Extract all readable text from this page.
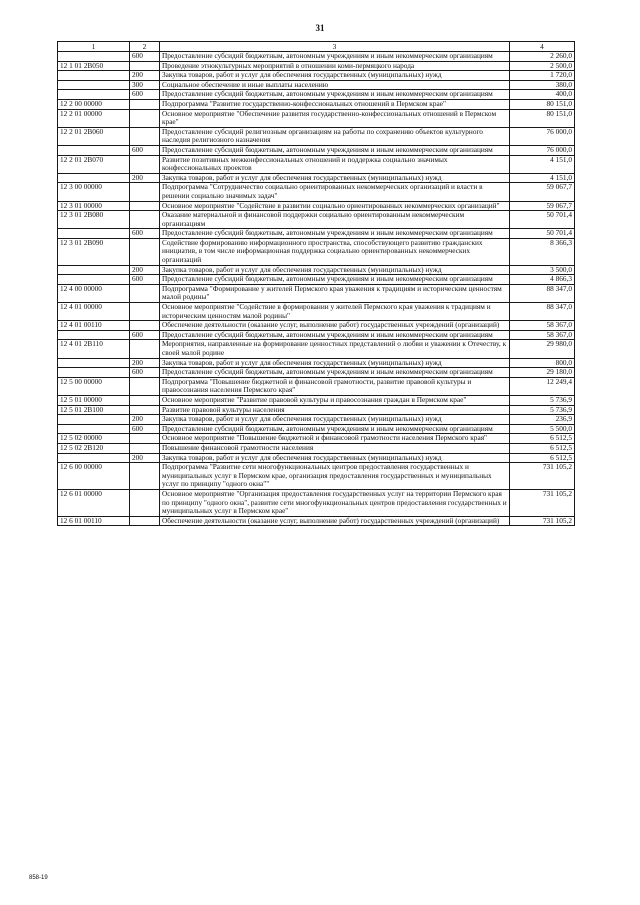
31
1	2	3	4
	600	Предоставление субсидий бюджетным, автономным учреждениям и иным некоммерческим организациям	2 260,0
12 1 01 2В050		Проведение этнокультурных мероприятий в отношении коми-пермяцкого народа	2 500,0
	200	Закупка товаров, работ и услуг для обеспечения государственных (муниципальных) нужд	1 720,0
	300	Социальное обеспечение и иные выплаты населению	380,0
	600	Предоставление субсидий бюджетным, автономным учреждениям и иным некоммерческим организациям	400,0
12 2 00 00000		Подпрограмма "Развитие государственно-конфессиональных отношений в Пермском крае"	80 151,0
12 2 01 00000		Основное мероприятие "Обеспечение развития государственно-конфессиональных отношений в Пермском крае"	80 151,0
12 2 01 2В060		Предоставление субсидий религиозным организациям на работы по сохранению объектов культурного наследия религиозного назначения	76 000,0
	600	Предоставление субсидий бюджетным, автономным учреждениям и иным некоммерческим организациям	76 000,0
12 2 01 2В070		Развитие позитивных межконфессиональных отношений и поддержка социально значимых конфессиональных проектов	4 151,0
	200	Закупка товаров, работ и услуг для обеспечения государственных (муниципальных) нужд	4 151,0
12 3 00 00000		Подпрограмма "Сотрудничество социально ориентированных некоммерческих организаций и власти в решении социально значимых задач"	59 067,7
12 3 01 00000		Основное мероприятие "Содействие в развитии социально ориентированных некоммерческих организаций"	59 067,7
12 3 01 2В080		Оказание материальной и финансовой поддержки социально ориентированным некоммерческим организациям	50 701,4
	600	Предоставление субсидий бюджетным, автономным учреждениям и иным некоммерческим организациям	50 701,4
12 3 01 2В090		Содействие формированию информационного пространства, способствующего развитию гражданских инициатив, в том числе информационная поддержка социально ориентированных некоммерческих организаций	8 366,3
	200	Закупка товаров, работ и услуг для обеспечения государственных (муниципальных) нужд	3 500,0
	600	Предоставление субсидий бюджетным, автономным учреждениям и иным некоммерческим организациям	4 866,3
12 4 00 00000		Подпрограмма "Формирование у жителей Пермского края уважения к традициям и историческим ценностям малой родины"	88 347,0
12 4 01 00000		Основное мероприятие "Содействие в формировании у жителей Пермского края уважения к традициям и историческим ценностям малой родины"	88 347,0
12 4 01 00110		Обеспечение деятельности (оказание услуг, выполнение работ) государственных учреждений (организаций)	58 367,0
	600	Предоставление субсидий бюджетным, автономным учреждениям и иным некоммерческим организациям	58 367,0
12 4 01 2В110		Мероприятия, направленные на формирование ценностных представлений о любви и уважении к Отечеству, к своей малой родине	29 980,0
	200	Закупка товаров, работ и услуг для обеспечения государственных (муниципальных) нужд	800,0
	600	Предоставление субсидий бюджетным, автономным учреждениям и иным некоммерческим организациям	29 180,0
12 5 00 00000		Подпрограмма "Повышение бюджетной и финансовой грамотности, развитие правовой культуры и правосознания населения Пермского края"	12 249,4
12 5 01 00000		Основное мероприятие "Развитие правовой культуры и правосознания граждан в Пермском крае"	5 736,9
12 5 01 2В100		Развитие правовой культуры населения	5 736,9
	200	Закупка товаров, работ и услуг для обеспечения государственных (муниципальных) нужд	236,9
	600	Предоставление субсидий бюджетным, автономным учреждениям и иным некоммерческим организациям	5 500,0
12 5 02 00000		Основное мероприятие "Повышение бюджетной и финансовой грамотности населения Пермского края"	6 512,5
12 5 02 2В120		Повышение финансовой грамотности населения	6 512,5
	200	Закупка товаров, работ и услуг для обеспечения государственных (муниципальных) нужд	6 512,5
12 6 00 00000		Подпрограмма "Развитие сети многофункциональных центров предоставления государственных и муниципальных услуг в Пермском крае, организация предоставления государственных и муниципальных услуг по принципу "одного окна""	731 105,2
12 6 01 00000		Основное мероприятие "Организация предоставления государственных услуг на территории Пермского края по принципу "одного окна", развитие сети многофункциональных центров предоставления государственных и муниципальных услуг в Пермском крае"	731 105,2
12 6 01 00110		Обеспечение деятельности (оказание услуг, выполнение работ) государственных учреждений (организаций)	731 105,2
858-19
